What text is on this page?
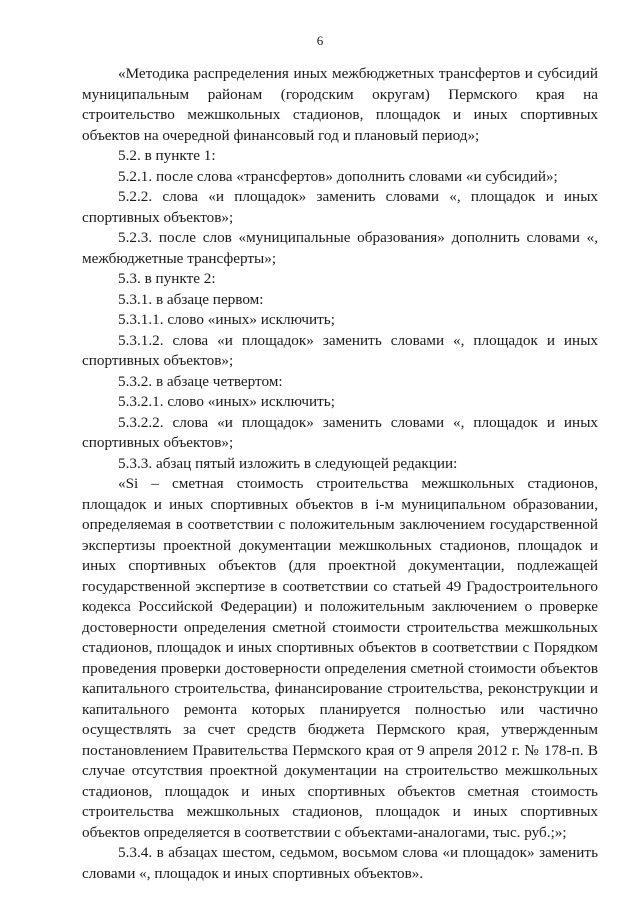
6

«Методика распределения иных межбюджетных трансфертов и субсидий муниципальным районам (городским округам) Пермского края на строительство межшкольных стадионов, площадок и иных спортивных объектов на очередной финансовый год и плановый период»;

5.2. в пункте 1:

5.2.1. после слова «трансфертов» дополнить словами «и субсидий»;

5.2.2. слова «и площадок» заменить словами «, площадок и иных спортивных объектов»;

5.2.3. после слов «муниципальные образования» дополнить словами «, межбюджетные трансферты»;

5.3. в пункте 2:

5.3.1. в абзаце первом:

5.3.1.1. слово «иных» исключить;

5.3.1.2. слова «и площадок» заменить словами «, площадок и иных спортивных объектов»;

5.3.2. в абзаце четвертом:

5.3.2.1. слово «иных» исключить;

5.3.2.2. слова «и площадок» заменить словами «, площадок и иных спортивных объектов»;

5.3.3. абзац пятый изложить в следующей редакции:

«Si – сметная стоимость строительства межшкольных стадионов, площадок и иных спортивных объектов в i-м муниципальном образовании, определяемая в соответствии с положительным заключением государственной экспертизы проектной документации межшкольных стадионов, площадок и иных спортивных объектов (для проектной документации, подлежащей государственной экспертизе в соответствии со статьей 49 Градостроительного кодекса Российской Федерации) и положительным заключением о проверке достоверности определения сметной стоимости строительства межшкольных стадионов, площадок и иных спортивных объектов в соответствии с Порядком проведения проверки достоверности определения сметной стоимости объектов капитального строительства, финансирование строительства, реконструкции и капитального ремонта которых планируется полностью или частично осуществлять за счет средств бюджета Пермского края, утвержденным постановлением Правительства Пермского края от 9 апреля 2012 г. № 178-п. В случае отсутствия проектной документации на строительство межшкольных стадионов, площадок и иных спортивных объектов сметная стоимость строительства межшкольных стадионов, площадок и иных спортивных объектов определяется в соответствии с объектами-аналогами, тыс. руб.;»;

5.3.4. в абзацах шестом, седьмом, восьмом слова «и площадок» заменить словами «, площадок и иных спортивных объектов».
